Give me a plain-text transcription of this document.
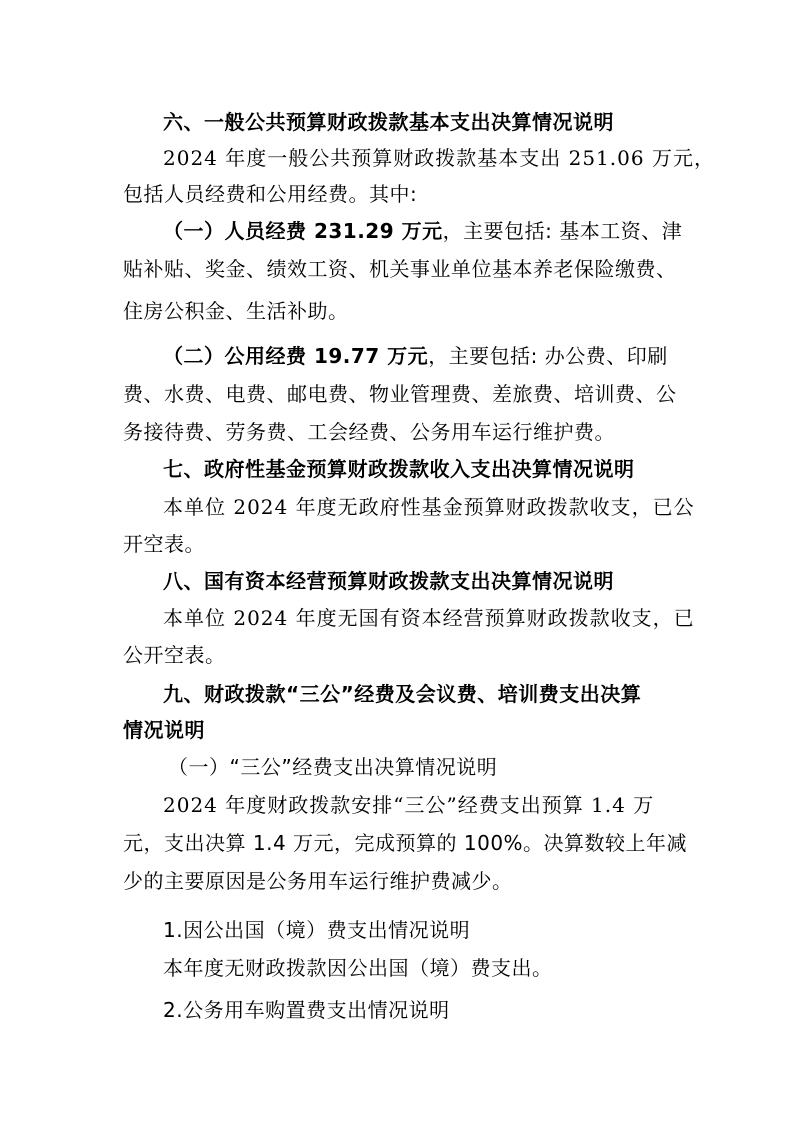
六、一般公共预算财政拨款基本支出决算情况说明
2024 年度一般公共预算财政拨款基本支出 251.06 万元，
包括人员经费和公用经费。其中:
（一）人员经费 231.29 万元，主要包括: 基本工资、津
贴补贴、奖金、绩效工资、机关事业单位基本养老保险缴费、
住房公积金、生活补助。
（二）公用经费 19.77 万元，主要包括: 办公费、印刷
费、水费、电费、邮电费、物业管理费、差旅费、培训费、公
务接待费、劳务费、工会经费、公务用车运行维护费。
七、政府性基金预算财政拨款收入支出决算情况说明
本单位 2024 年度无政府性基金预算财政拨款收支，已公
开空表。
八、国有资本经营预算财政拨款支出决算情况说明
本单位 2024 年度无国有资本经营预算财政拨款收支，已
公开空表。
九、财政拨款“三公”经费及会议费、培训费支出决算
情况说明
（一）“三公”经费支出决算情况说明
2024 年度财政拨款安排“三公”经费支出预算 1.4 万
元，支出决算 1.4 万元，完成预算的 100%。决算数较上年减
少的主要原因是公务用车运行维护费减少。
1.因公出国（境）费支出情况说明
本年度无财政拨款因公出国（境）费支出。
2.公务用车购置费支出情况说明
